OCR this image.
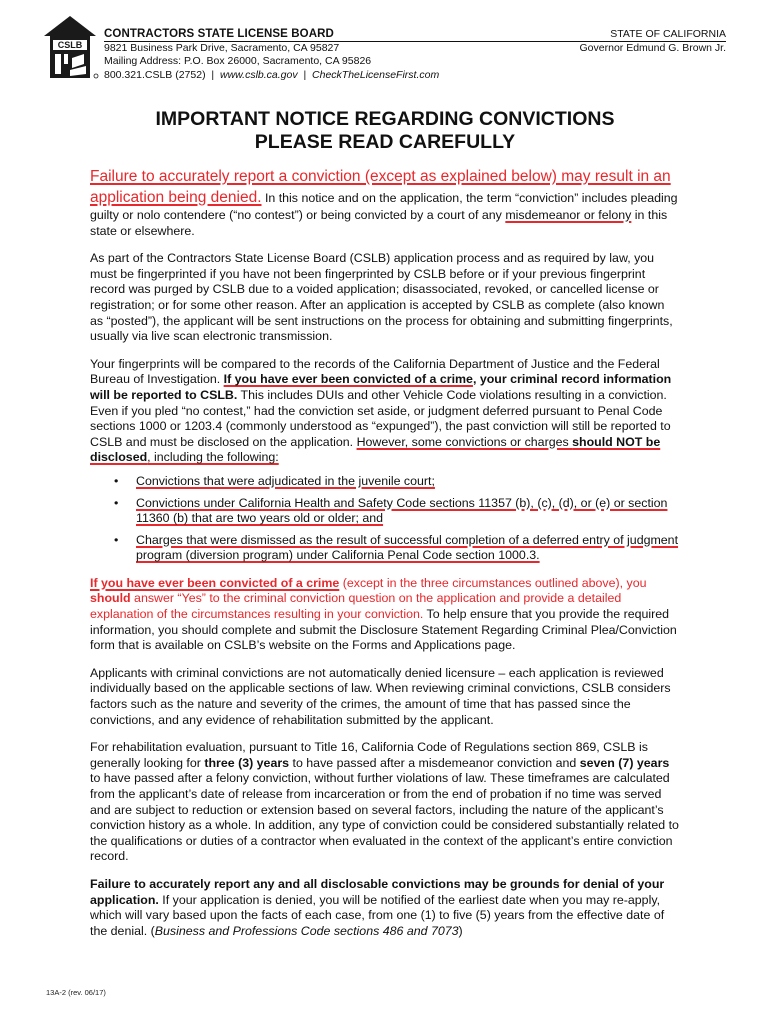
CSLB
CONTRACTORS STATE LICENSE BOARD
9821 Business Park Drive, Sacramento, CA 95827
Mailing Address: P.O. Box 26000, Sacramento, CA 95826
800.321.CSLB (2752)  |  www.cslb.ca.gov  |  CheckTheLicenseFirst.com
STATE OF CALIFORNIA
Governor Edmund G. Brown Jr.
IMPORTANT NOTICE REGARDING CONVICTIONS
PLEASE READ CAREFULLY

Failure to accurately report a conviction (except as explained below) may result in an application being denied. In this notice and on the application, the term “conviction” includes pleading guilty or nolo contendere (“no contest”) or being convicted by a court of any misdemeanor or felony in this state or elsewhere.

As part of the Contractors State License Board (CSLB) application process and as required by law, you must be fingerprinted if you have not been fingerprinted by CSLB before or if your previous fingerprint record was purged by CSLB due to a voided application; disassociated, revoked, or cancelled license or registration; or for some other reason. After an application is accepted by CSLB as complete (also known as “posted”), the applicant will be sent instructions on the process for obtaining and submitting fingerprints, usually via live scan electronic transmission.

Your fingerprints will be compared to the records of the California Department of Justice and the Federal Bureau of Investigation. If you have ever been convicted of a crime, your criminal record information will be reported to CSLB. This includes DUIs and other Vehicle Code violations resulting in a conviction. Even if you pled “no contest,” had the conviction set aside, or judgment deferred pursuant to Penal Code sections 1000 or 1203.4 (commonly understood as “expunged”), the past conviction will still be reported to CSLB and must be disclosed on the application. However, some convictions or charges should NOT be disclosed, including the following:

• Convictions that were adjudicated in the juvenile court;
• Convictions under California Health and Safety Code sections 11357 (b), (c), (d), or (e) or section 11360 (b) that are two years old or older; and
• Charges that were dismissed as the result of successful completion of a deferred entry of judgment program (diversion program) under California Penal Code section 1000.3.

If you have ever been convicted of a crime (except in the three circumstances outlined above), you should answer “Yes” to the criminal conviction question on the application and provide a detailed explanation of the circumstances resulting in your conviction. To help ensure that you provide the required information, you should complete and submit the Disclosure Statement Regarding Criminal Plea/Conviction form that is available on CSLB’s website on the Forms and Applications page.

Applicants with criminal convictions are not automatically denied licensure – each application is reviewed individually based on the applicable sections of law. When reviewing criminal convictions, CSLB considers factors such as the nature and severity of the crimes, the amount of time that has passed since the convictions, and any evidence of rehabilitation submitted by the applicant.

For rehabilitation evaluation, pursuant to Title 16, California Code of Regulations section 869, CSLB is generally looking for three (3) years to have passed after a misdemeanor conviction and seven (7) years to have passed after a felony conviction, without further violations of law. These timeframes are calculated from the applicant’s date of release from incarceration or from the end of probation if no time was served and are subject to reduction or extension based on several factors, including the nature of the applicant’s conviction history as a whole. In addition, any type of conviction could be considered substantially related to the qualifications or duties of a contractor when evaluated in the context of the applicant’s entire conviction record.

Failure to accurately report any and all disclosable convictions may be grounds for denial of your application. If your application is denied, you will be notified of the earliest date when you may re-apply, which will vary based upon the facts of each case, from one (1) to five (5) years from the effective date of the denial. (Business and Professions Code sections 486 and 7073)

13A-2 (rev. 06/17)
